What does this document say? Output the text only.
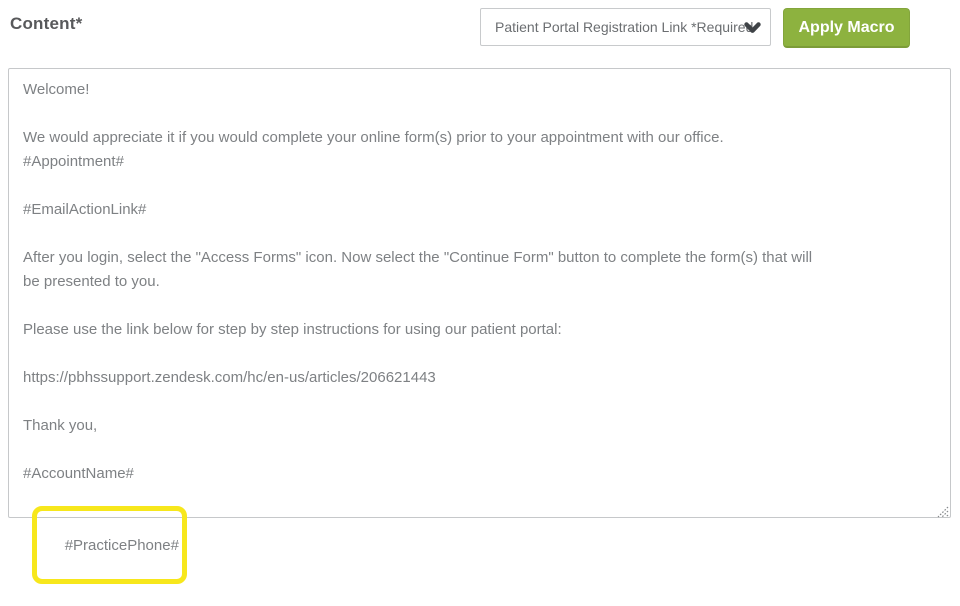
Content*	Patient Portal Registration Link *Required	Apply Macro
Welcome!
We would appreciate it if you would complete your online form(s) prior to your appointment with our office.
#Appointment#
#EmailActionLink#
After you login, select the "Access Forms" icon. Now select the "Continue Form" button to complete the form(s) that will
be presented to you.
Please use the link below for step by step instructions for using our patient portal:
https://pbhssupport.zendesk.com/hc/en-us/articles/206621443
Thank you,
#AccountName#

#PracticePhone#
